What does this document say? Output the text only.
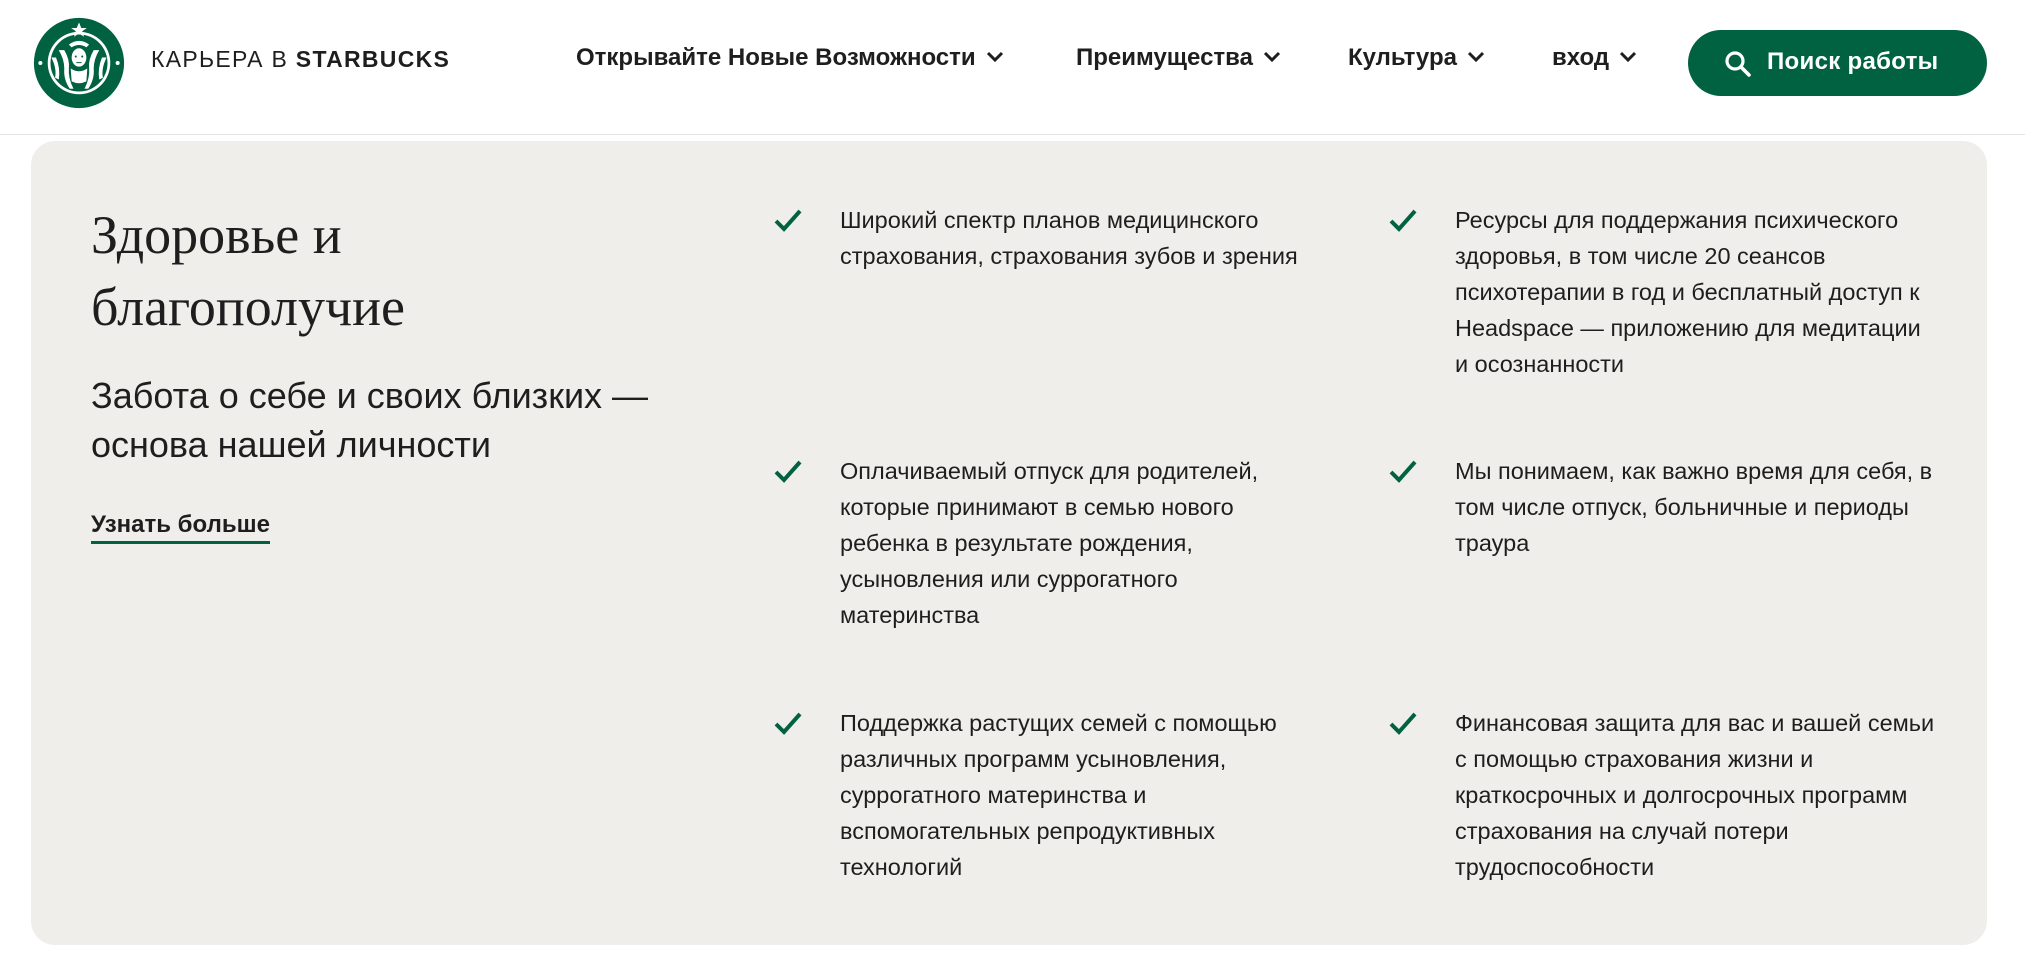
КАРЬЕРА В STARBUCKS	Открывайте Новые Возможности	Преимущества	Культура	вход	Поиск работы
Здоровье и благополучие

Забота о себе и своих близких — основа нашей личности

Узнать больше
Широкий спектр планов медицинского страхования, страхования зубов и зрения
Ресурсы для поддержания психического здоровья, в том числе 20 сеансов психотерапии в год и бесплатный доступ к Headspace — приложению для медитации и осознанности
Оплачиваемый отпуск для родителей, которые принимают в семью нового ребенка в результате рождения, усыновления или суррогатного материнства
Мы понимаем, как важно время для себя, в том числе отпуск, больничные и периоды траура
Поддержка растущих семей с помощью различных программ усыновления, суррогатного материнства и вспомогательных репродуктивных технологий
Финансовая защита для вас и вашей семьи с помощью страхования жизни и краткосрочных и долгосрочных программ страхования на случай потери трудоспособности
